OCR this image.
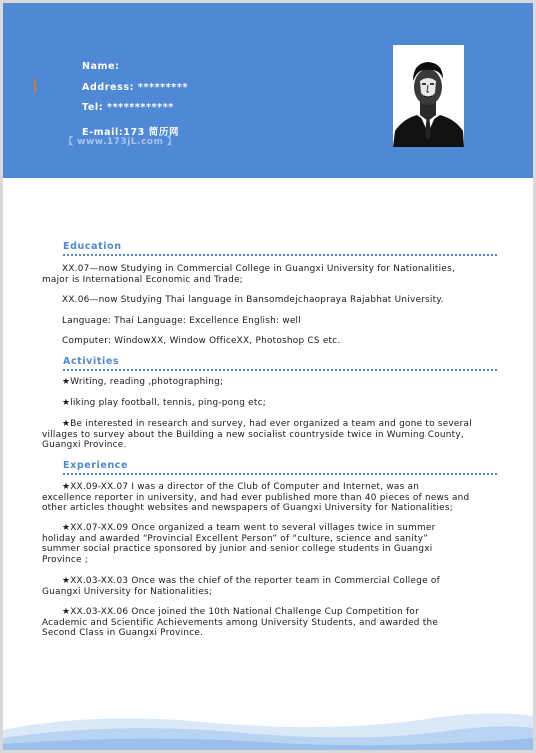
Name:
Address: *********
Tel: ************
E-mail:173 简历网
【 www.173jL.com 】
Education
XX.07—now Studying in Commercial College in Guangxi University for Nationalities,
major is International Economic and Trade;
XX.06—now Studying Thai language in Bansomdejchaopraya Rajabhat University.
Language: Thai Language: Excellence English: well
Computer: WindowXX, Window OfficeXX, Photoshop CS etc.
Activities
★Writing, reading ,photographing;
★liking play football, tennis, ping-pong etc;
★Be interested in research and survey, had ever organized a team and gone to several
villages to survey about the Building a new socialist countryside twice in Wuming County,
Guangxi Province.
Experience
★XX.09-XX.07 I was a director of the Club of Computer and Internet, was an
excellence reporter in university, and had ever published more than 40 pieces of news and
other articles thought websites and newspapers of Guangxi University for Nationalities;
★XX.07-XX.09 Once organized a team went to several villages twice in summer
holiday and awarded “Provincial Excellent Person” of “culture, science and sanity”
summer social practice sponsored by junior and senior college students in Guangxi
Province ;
★XX.03-XX.03 Once was the chief of the reporter team in Commercial College of
Guangxi University for Nationalities;
★XX.03-XX.06 Once joined the 10th National Challenge Cup Competition for
Academic and Scientific Achievements among University Students, and awarded the
Second Class in Guangxi Province.
